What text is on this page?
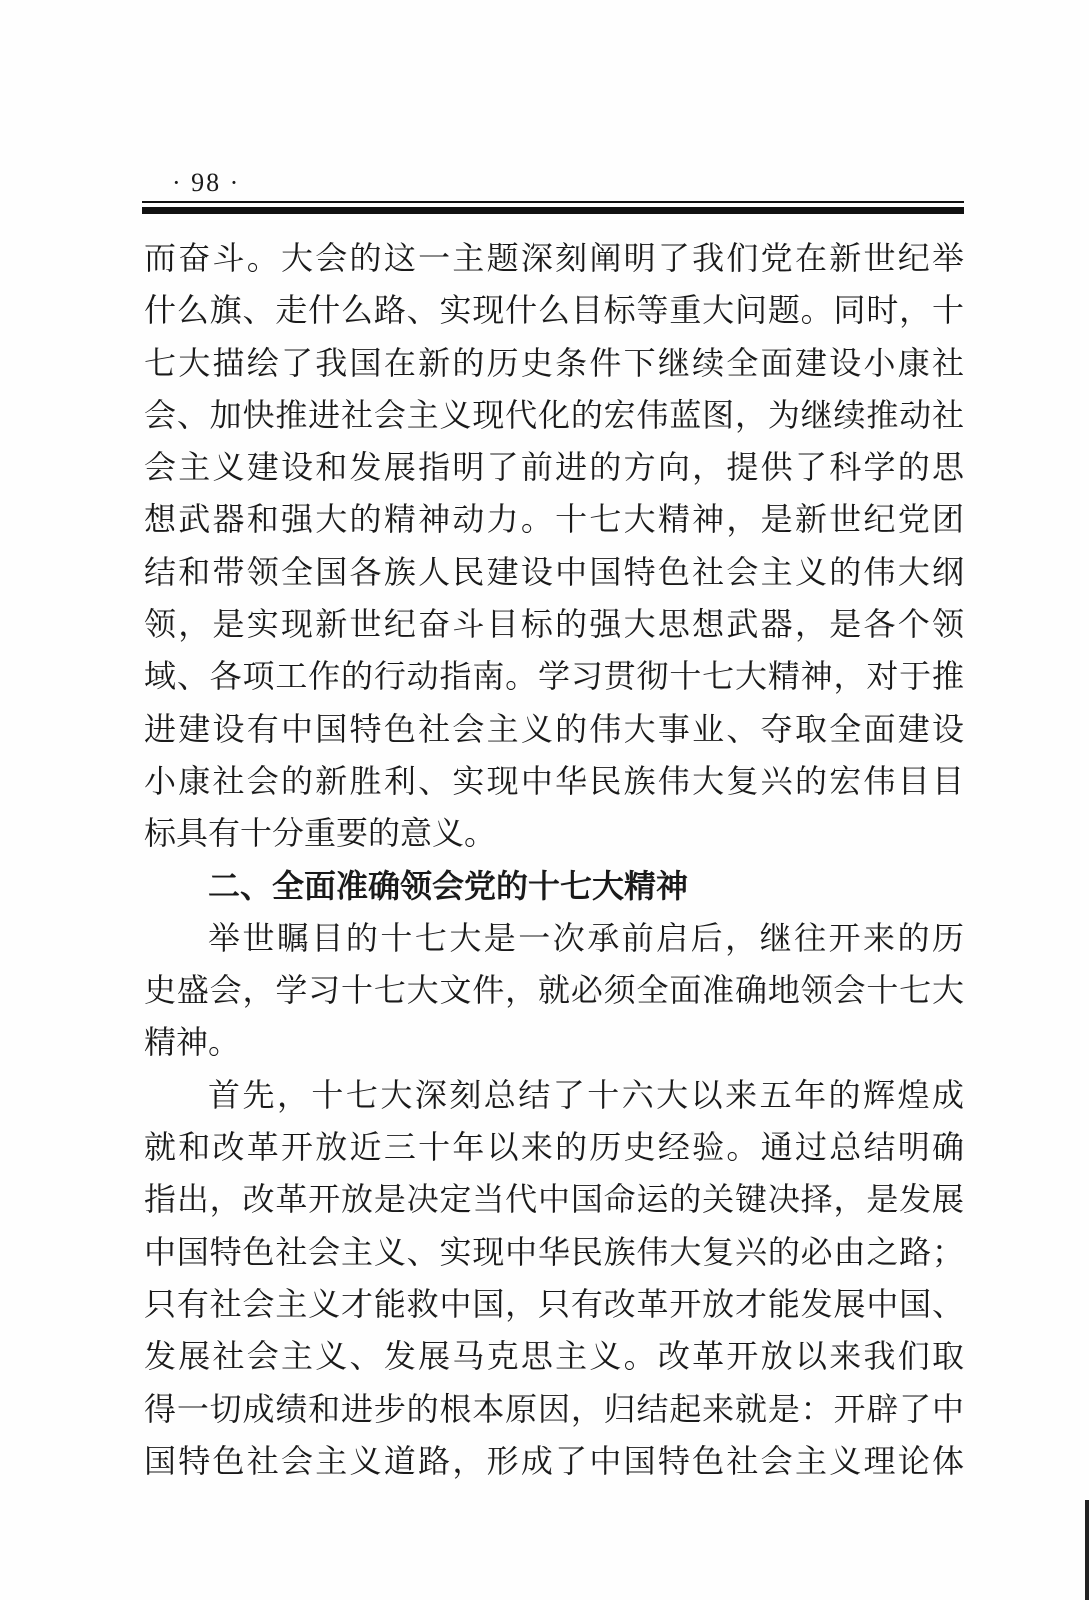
· 98 ·
而奋斗。大会的这一主题深刻阐明了我们党在新世纪举
什么旗、走什么路、实现什么目标等重大问题。同时，十
七大描绘了我国在新的历史条件下继续全面建设小康社
会、加快推进社会主义现代化的宏伟蓝图，为继续推动社
会主义建设和发展指明了前进的方向，提供了科学的思
想武器和强大的精神动力。十七大精神，是新世纪党团
结和带领全国各族人民建设中国特色社会主义的伟大纲
领，是实现新世纪奋斗目标的强大思想武器，是各个领
域、各项工作的行动指南。学习贯彻十七大精神，对于推
进建设有中国特色社会主义的伟大事业、夺取全面建设
小康社会的新胜利、实现中华民族伟大复兴的宏伟目目
标具有十分重要的意义。
二、全面准确领会党的十七大精神
举世瞩目的十七大是一次承前启后，继往开来的历
史盛会，学习十七大文件，就必须全面准确地领会十七大
精神。
首先，十七大深刻总结了十六大以来五年的辉煌成
就和改革开放近三十年以来的历史经验。通过总结明确
指出，改革开放是决定当代中国命运的关键决择，是发展
中国特色社会主义、实现中华民族伟大复兴的必由之路；
只有社会主义才能救中国，只有改革开放才能发展中国、
发展社会主义、发展马克思主义。改革开放以来我们取
得一切成绩和进步的根本原因，归结起来就是：开辟了中
国特色社会主义道路，形成了中国特色社会主义理论体
